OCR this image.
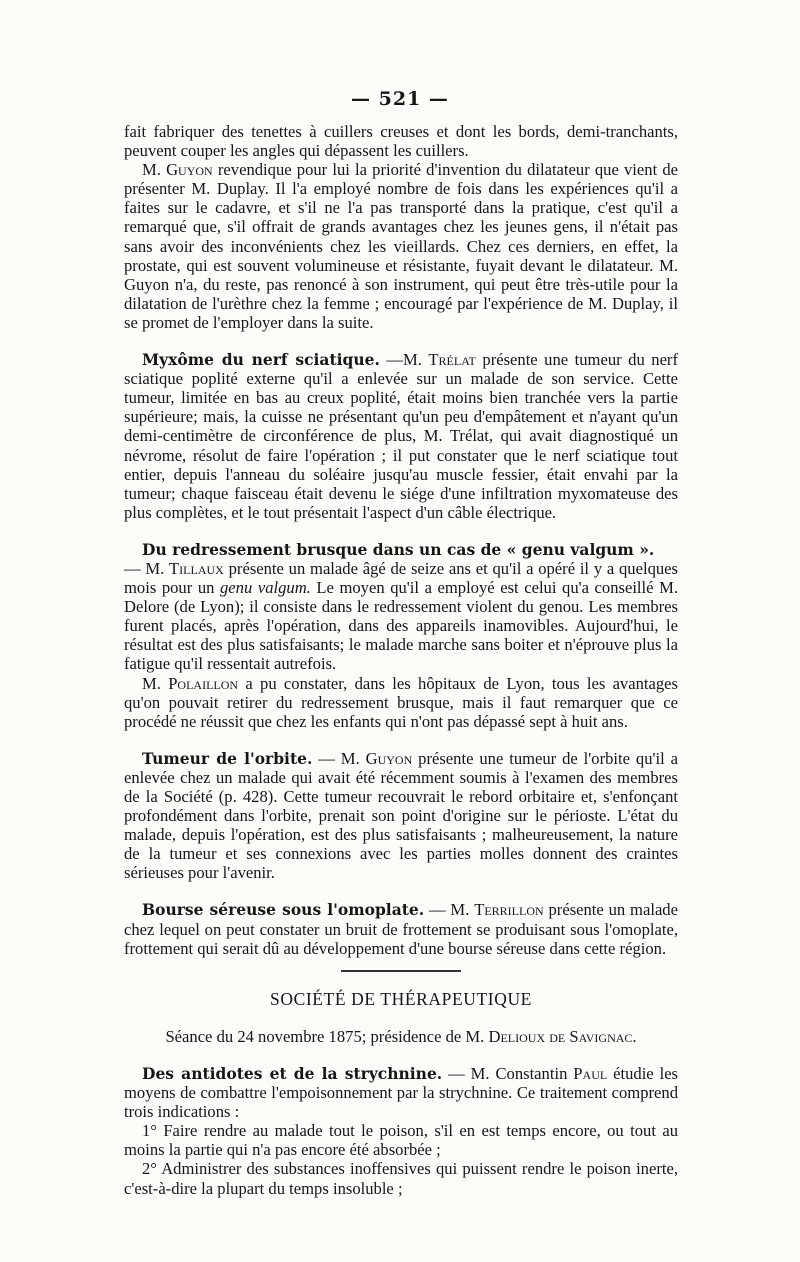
— 521 —

fait fabriquer des tenettes à cuillers creuses et dont les bords, demi-tranchants, peuvent couper les angles qui dépassent les cuillers.

M. Guyon revendique pour lui la priorité d'invention du dilatateur que vient de présenter M. Duplay. Il l'a employé nombre de fois dans les expériences qu'il a faites sur le cadavre, et s'il ne l'a pas transporté dans la pratique, c'est qu'il a remarqué que, s'il offrait de grands avantages chez les jeunes gens, il n'était pas sans avoir des inconvénients chez les vieillards. Chez ces derniers, en effet, la prostate, qui est souvent volumineuse et résistante, fuyait devant le dilatateur. M. Guyon n'a, du reste, pas renoncé à son instrument, qui peut être très-utile pour la dilatation de l'urèthre chez la femme ; encouragé par l'expérience de M. Duplay, il se promet de l'employer dans la suite.

Myxôme du nerf sciatique. —M. Trélat présente une tumeur du nerf sciatique poplité externe qu'il a enlevée sur un malade de son service. Cette tumeur, limitée en bas au creux poplité, était moins bien tranchée vers la partie supérieure; mais, la cuisse ne présentant qu'un peu d'empâtement et n'ayant qu'un demi-centimètre de circonférence de plus, M. Trélat, qui avait diagnostiqué un névrome, résolut de faire l'opération ; il put constater que le nerf sciatique tout entier, depuis l'anneau du soléaire jusqu'au muscle fessier, était envahi par la tumeur; chaque faisceau était devenu le siége d'une infiltration myxomateuse des plus complètes, et le tout présentait l'aspect d'un câble électrique.

Du redressement brusque dans un cas de « genu valgum ».

— M. Tillaux présente un malade âgé de seize ans et qu'il a opéré il y a quelques mois pour un genu valgum. Le moyen qu'il a employé est celui qu'a conseillé M. Delore (de Lyon); il consiste dans le redressement violent du genou. Les membres furent placés, après l'opération, dans des appareils inamovibles. Aujourd'hui, le résultat est des plus satisfaisants; le malade marche sans boiter et n'éprouve plus la fatigue qu'il ressentait autrefois.

M. Polaillon a pu constater, dans les hôpitaux de Lyon, tous les avantages qu'on pouvait retirer du redressement brusque, mais il faut remarquer que ce procédé ne réussit que chez les enfants qui n'ont pas dépassé sept à huit ans.

Tumeur de l'orbite. — M. Guyon présente une tumeur de l'orbite qu'il a enlevée chez un malade qui avait été récemment soumis à l'examen des membres de la Société (p. 428). Cette tumeur recouvrait le rebord orbitaire et, s'enfonçant profondément dans l'orbite, prenait son point d'origine sur le périoste. L'état du malade, depuis l'opération, est des plus satisfaisants ; malheureusement, la nature de la tumeur et ses connexions avec les parties molles donnent des craintes sérieuses pour l'avenir.

Bourse séreuse sous l'omoplate. — M. Terrillon présente un malade chez lequel on peut constater un bruit de frottement se produisant sous l'omoplate, frottement qui serait dû au développement d'une bourse séreuse dans cette région.

SOCIÉTÉ DE THÉRAPEUTIQUE

Séance du 24 novembre 1875; présidence de M. Delioux de Savignac.

Des antidotes et de la strychnine. — M. Constantin Paul étudie les moyens de combattre l'empoisonnement par la strychnine. Ce traitement comprend trois indications :

1° Faire rendre au malade tout le poison, s'il en est temps encore, ou tout au moins la partie qui n'a pas encore été absorbée ;

2° Administrer des substances inoffensives qui puissent rendre le poison inerte, c'est-à-dire la plupart du temps insoluble ;
